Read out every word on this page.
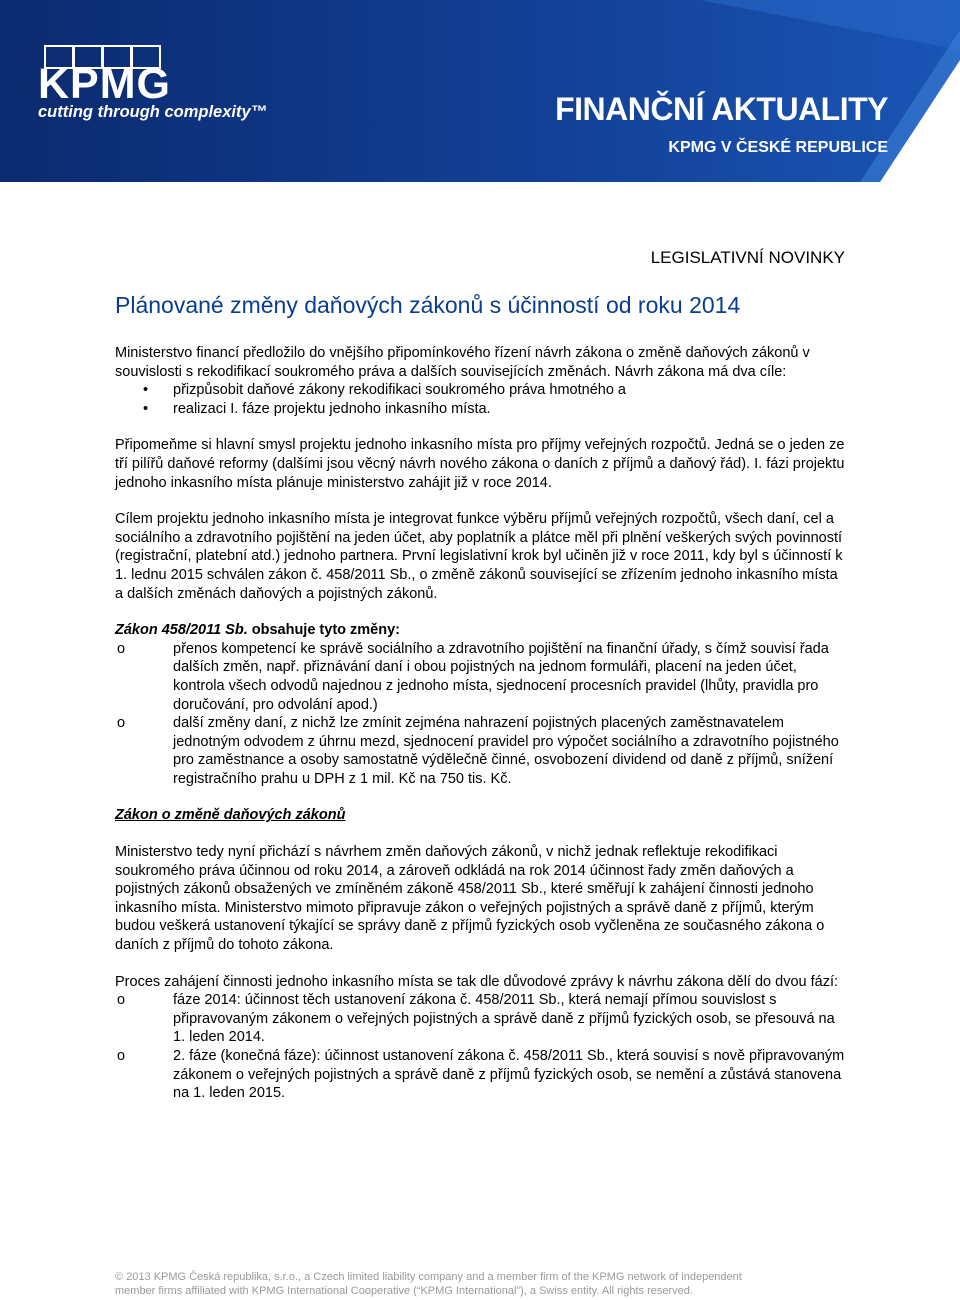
KPMG
cutting through complexity™	FINANČNÍ AKTUALITY
KPMG V ČESKÉ REPUBLICE
LEGISLATIVNÍ NOVINKY
Plánované změny daňových zákonů s účinností od roku 2014

Ministerstvo financí předložilo do vnějšího připomínkového řízení návrh zákona o změně daňových zákonů v souvislosti s rekodifikací soukromého práva a dalších souvisejících změnách. Návrh zákona má dva cíle:

• přizpůsobit daňové zákony rekodifikaci soukromého práva hmotného a

• realizaci I. fáze projektu jednoho inkasního místa.

Připomeňme si hlavní smysl projektu jednoho inkasního místa pro příjmy veřejných rozpočtů. Jedná se o jeden ze tří pilířů daňové reformy (dalšími jsou věcný návrh nového zákona o daních z příjmů a daňový řád). I. fázi projektu jednoho inkasního místa plánuje ministerstvo zahájit již v roce 2014.

Cílem projektu jednoho inkasního místa je integrovat funkce výběru příjmů veřejných rozpočtů, všech daní, cel a sociálního a zdravotního pojištění na jeden účet, aby poplatník a plátce měl při plnění veškerých svých povinností (registrační, platební atd.) jednoho partnera. První legislativní krok byl učiněn již v roce 2011, kdy byl s účinností k 1. lednu 2015 schválen zákon č. 458/2011 Sb., o změně zákonů související se zřízením jednoho inkasního místa a dalších změnách daňových a pojistných zákonů.

Zákon 458/2011 Sb. obsahuje tyto změny:

o	přenos kompetencí ke správě sociálního a zdravotního pojištění na finanční úřady, s čímž souvisí řada dalších změn, např. přiznávání daní i obou pojistných na jednom formuláři, placení na jeden účet, kontrola všech odvodů najednou z jednoho místa, sjednocení procesních pravidel (lhůty, pravidla pro doručování, pro odvolání apod.)

o	další změny daní, z nichž lze zmínit zejména nahrazení pojistných placených zaměstnavatelem jednotným odvodem z úhrnu mezd, sjednocení pravidel pro výpočet sociálního a zdravotního pojistného pro zaměstnance a osoby samostatně výdělečně činné, osvobození dividend od daně z příjmů, snížení registračního prahu u DPH z 1 mil. Kč na 750 tis. Kč.

Zákon o změně daňových zákonů

Ministerstvo tedy nyní přichází s návrhem změn daňových zákonů, v nichž jednak reflektuje rekodifikaci soukromého práva účinnou od roku 2014, a zároveň odkládá na rok 2014 účinnost řady změn daňových a pojistných zákonů obsažených ve zmíněném zákoně 458/2011 Sb., které směřují k zahájení činnosti jednoho inkasního místa. Ministerstvo mimoto připravuje zákon o veřejných pojistných a správě daně z příjmů, kterým budou veškerá ustanovení týkající se správy daně z příjmů fyzických osob vyčleněna ze současného zákona o daních z příjmů do tohoto zákona.

Proces zahájení činnosti jednoho inkasního místa se tak dle důvodové zprávy k návrhu zákona dělí do dvou fází:

o	fáze 2014: účinnost těch ustanovení zákona č. 458/2011 Sb., která nemají přímou souvislost s připravovaným zákonem o veřejných pojistných a správě daně z příjmů fyzických osob, se přesouvá na 1. leden 2014.

o	2. fáze (konečná fáze): účinnost ustanovení zákona č. 458/2011 Sb., která souvisí s nově připravovaným zákonem o veřejných pojistných a správě daně z příjmů fyzických osob, se nemění a zůstává stanovena na 1. leden 2015.

© 2013 KPMG Česká republika, s.r.o., a Czech limited liability company and a member firm of the KPMG network of independent
member firms affiliated with KPMG International Cooperative (“KPMG International”), a Swiss entity. All rights reserved.
